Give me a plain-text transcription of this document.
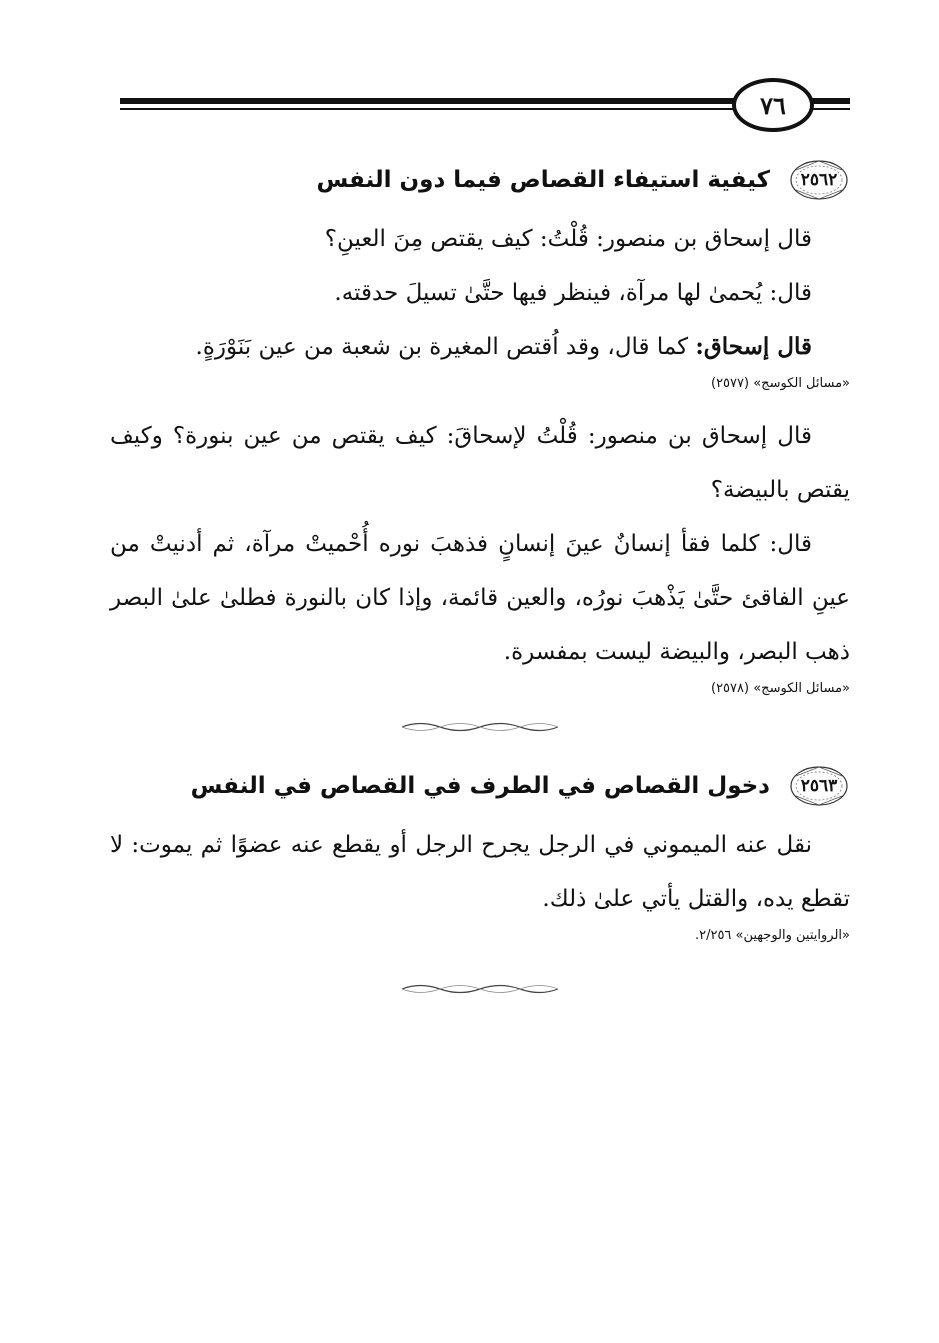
٧٦
٢٥٦٢
كيفية استيفاء القصاص فيما دون النفس

قال إسحاق بن منصور: قُلْتُ: كيف يقتص مِنَ العينِ؟

قال: يُحمىٰ لها مرآة، فينظر فيها حتَّىٰ تسيلَ حدقته.

قال إسحاق: كما قال، وقد اُقتص المغيرة بن شعبة من عين بَنَوْرَةٍ.

«مسائل الكوسج» (٢٥٧٧)

قال إسحاق بن منصور: قُلْتُ لإسحاقَ: كيف يقتص من عين بنورة؟ وكيف يقتص بالبيضة؟

قال: كلما فقأ إنسانٌ عينَ إنسانٍ فذهبَ نوره أُحْميتْ مرآة، ثم أدنيتْ من عينِ الفاقئ حتَّىٰ يَذْهبَ نورُه، والعين قائمة، وإذا كان بالنورة فطلىٰ علىٰ البصر ذهب البصر، والبيضة ليست بمفسرة.

«مسائل الكوسج» (٢٥٧٨)
٢٥٦٣
دخول القصاص في الطرف في القصاص في النفس

نقل عنه الميموني في الرجل يجرح الرجل أو يقطع عنه عضوًا ثم يموت: لا تقطع يده، والقتل يأتي علىٰ ذلك.

«الروايتين والوجهين» ٢/٢٥٦.
